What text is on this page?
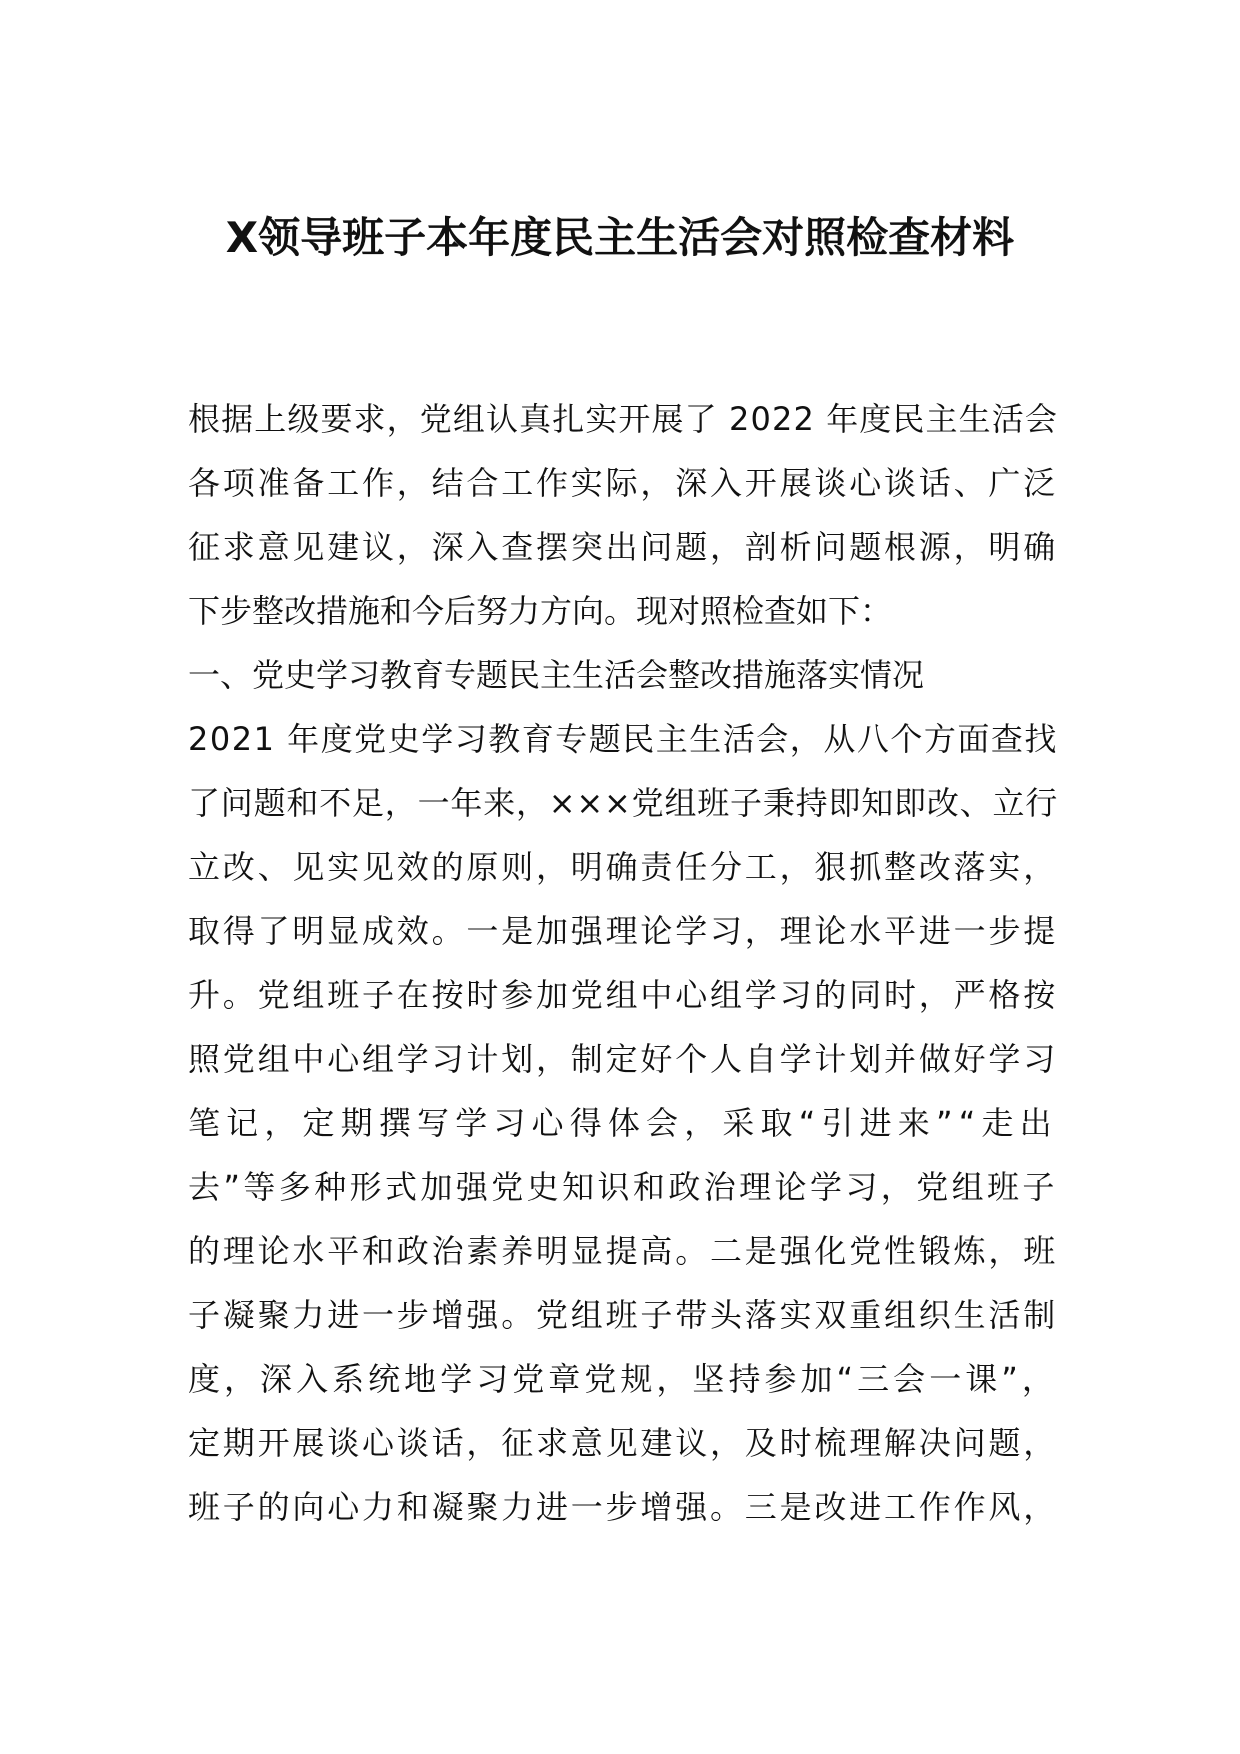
X领导班子本年度民主生活会对照检查材料
根据上级要求，党组认真扎实开展了 2022 年度民主生活会
各项准备工作，结合工作实际，深入开展谈心谈话、广泛
征求意见建议，深入查摆突出问题，剖析问题根源，明确
下步整改措施和今后努力方向。现对照检查如下：
一、党史学习教育专题民主生活会整改措施落实情况
2021 年度党史学习教育专题民主生活会，从八个方面查找
了问题和不足，一年来，×××党组班子秉持即知即改、立行
立改、见实见效的原则，明确责任分工，狠抓整改落实，
取得了明显成效。一是加强理论学习，理论水平进一步提
升。党组班子在按时参加党组中心组学习的同时，严格按
照党组中心组学习计划，制定好个人自学计划并做好学习
笔记，定期撰写学习心得体会，采取“引进来”“走出
去”等多种形式加强党史知识和政治理论学习，党组班子
的理论水平和政治素养明显提高。二是强化党性锻炼，班
子凝聚力进一步增强。党组班子带头落实双重组织生活制
度，深入系统地学习党章党规，坚持参加“三会一课”，
定期开展谈心谈话，征求意见建议，及时梳理解决问题，
班子的向心力和凝聚力进一步增强。三是改进工作作风，
